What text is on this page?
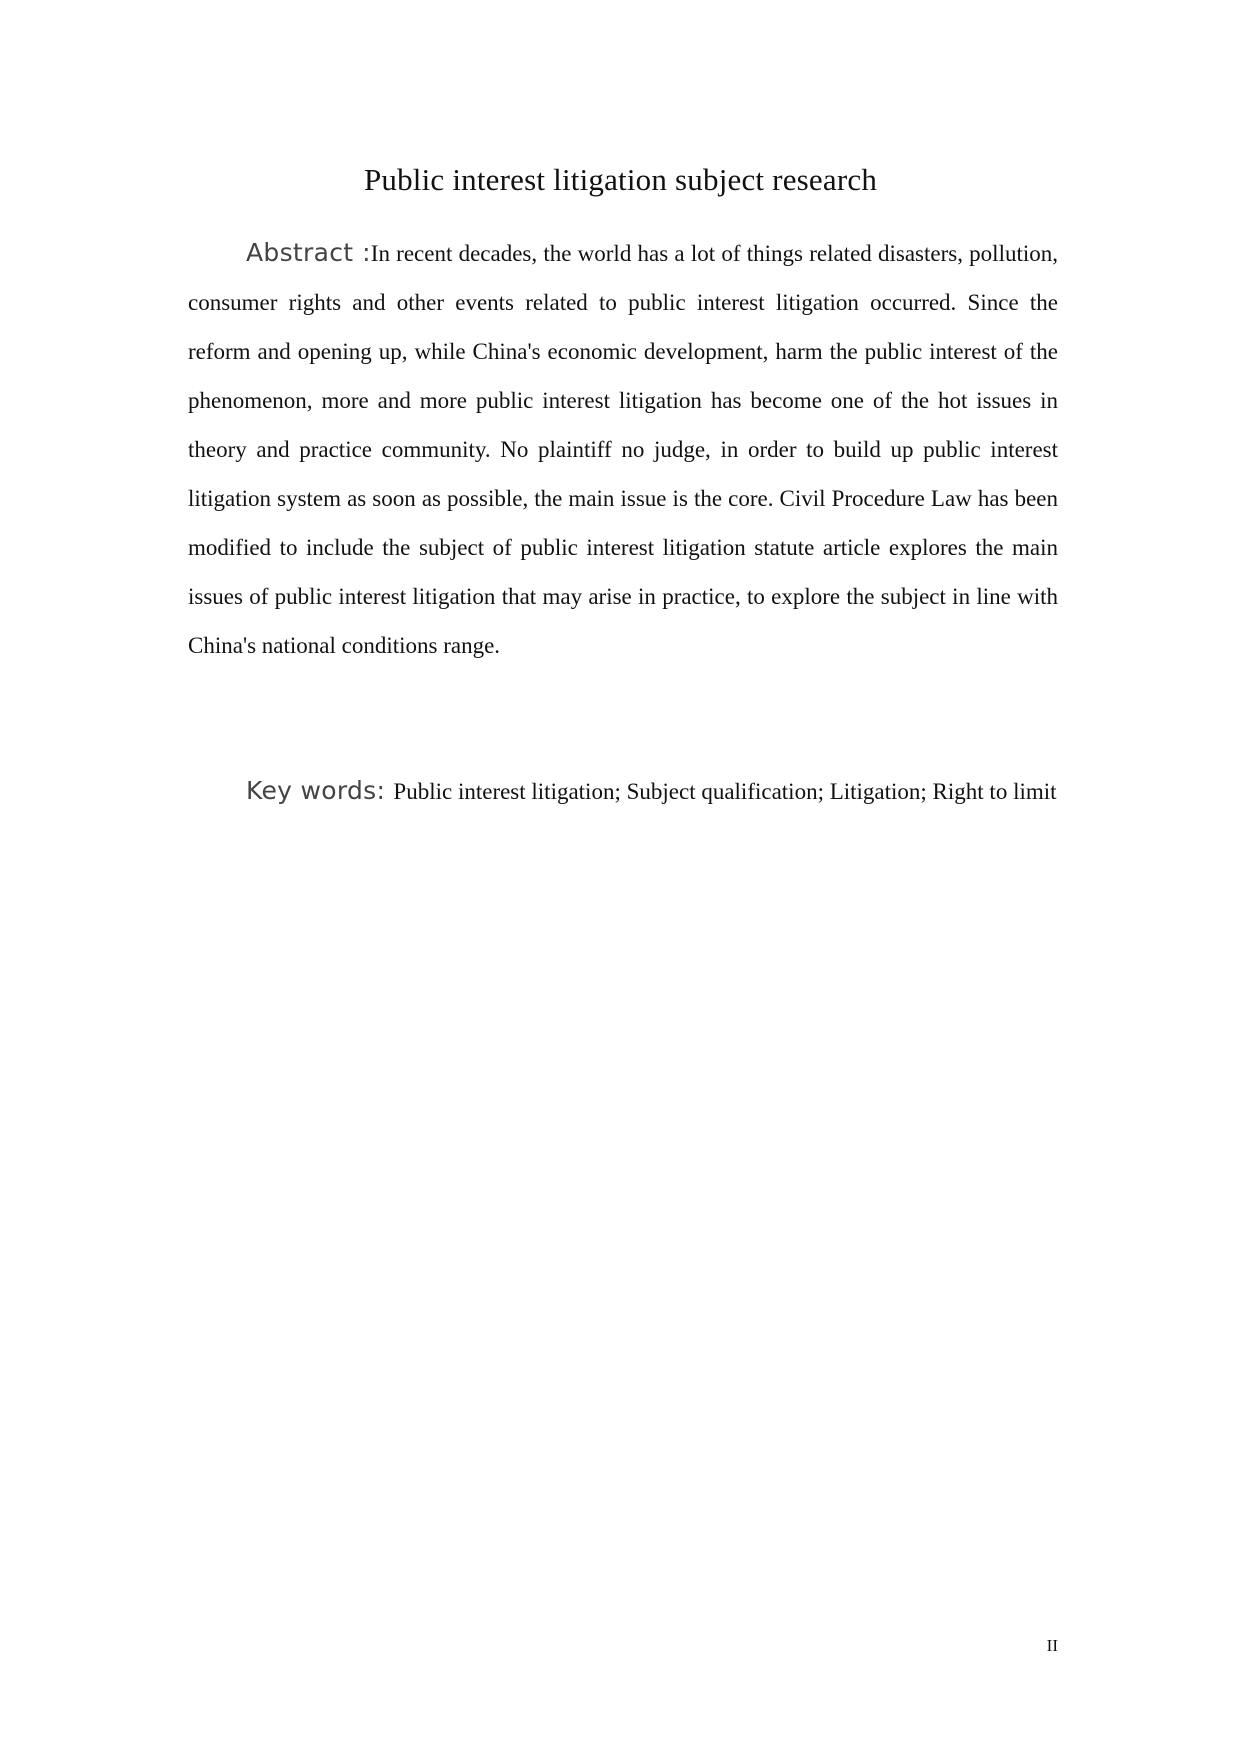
Public interest litigation subject research

Abstract :In recent decades, the world has a lot of things related disasters, pollution, consumer rights and other events related to public interest litigation occurred. Since the reform and opening up, while China's economic development, harm the public interest of the phenomenon, more and more public interest litigation has become one of the hot issues in theory and practice community. No plaintiff no judge, in order to build up public interest litigation system as soon as possible, the main issue is the core. Civil Procedure Law has been modified to include the subject of public interest litigation statute article explores the main issues of public interest litigation that may arise in practice, to explore the subject in line with China's national conditions range.

Key words: Public interest litigation; Subject qualification; Litigation; Right to limit

II
